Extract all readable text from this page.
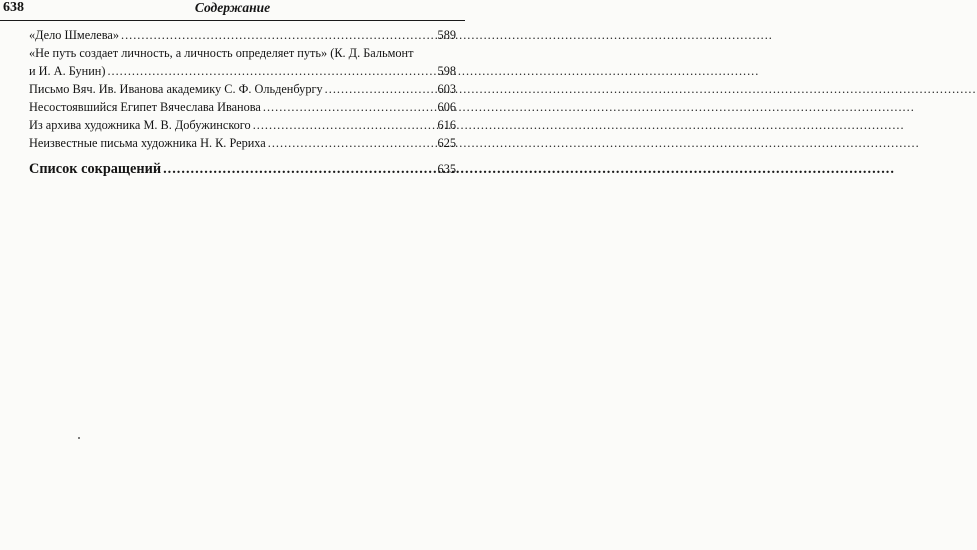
638	Содержание
«Дело Шмелева» .....	589
«Не путь создает личность, а личность определяет путь» (К. Д. Бальмонт
и И. А. Бунин) .....	598
Письмо Вяч. Ив. Иванова академику С. Ф. Ольденбургу .....	603
Несостоявшийся Египет Вячеслава Иванова .....	606
Из архива художника М. В. Добужинского .....	616
Неизвестные письма художника Н. К. Рериха .....	625
Список сокращений .....	635
